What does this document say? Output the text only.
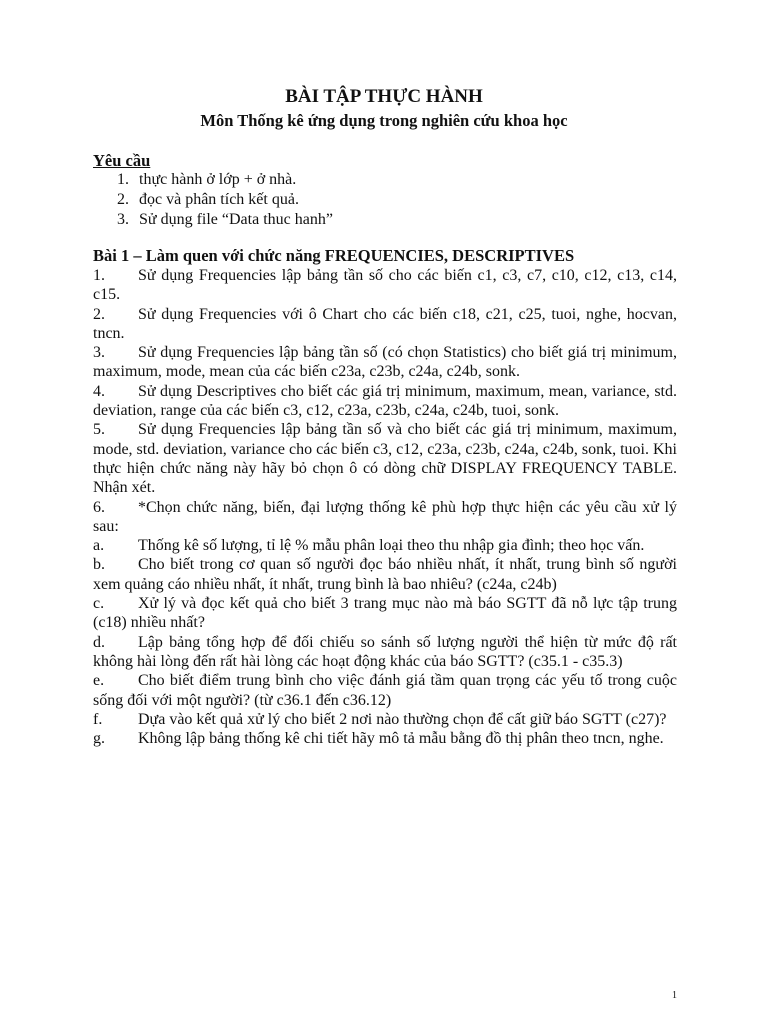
BÀI TẬP THỰC HÀNH
Môn Thống kê ứng dụng trong nghiên cứu khoa học
Yêu cầu
1. thực hành ở lớp + ở nhà.
2. đọc và phân tích kết quả.
3. Sử dụng file “Data thuc hanh”
Bài 1 – Làm quen với chức năng FREQUENCIES, DESCRIPTIVES

1. Sử dụng Frequencies lập bảng tần số cho các biến c1, c3, c7, c10, c12, c13, c14, c15.

2. Sử dụng Frequencies với ô Chart cho các biến c18, c21, c25, tuoi, nghe, hocvan, tncn.

3. Sử dụng Frequencies lập bảng tần số (có chọn Statistics) cho biết giá trị minimum, maximum, mode, mean của các biến c23a, c23b, c24a, c24b, sonk.

4. Sử dụng Descriptives cho biết các giá trị minimum, maximum, mean, variance, std. deviation, range của các biến c3, c12, c23a, c23b, c24a, c24b, tuoi, sonk.

5. Sử dụng Frequencies lập bảng tần số và cho biết các giá trị minimum, maximum, mode, std. deviation, variance cho các biến c3, c12, c23a, c23b, c24a, c24b, sonk, tuoi. Khi thực hiện chức năng này hãy bỏ chọn ô có dòng chữ DISPLAY FREQUENCY TABLE. Nhận xét.

6. *Chọn chức năng, biến, đại lượng thống kê phù hợp thực hiện các yêu cầu xử lý sau:

a. Thống kê số lượng, tỉ lệ % mẫu phân loại theo thu nhập gia đình; theo học vấn.

b. Cho biết trong cơ quan số người đọc báo nhiều nhất, ít nhất, trung bình số người xem quảng cáo nhiều nhất, ít nhất, trung bình là bao nhiêu? (c24a, c24b)

c. Xử lý và đọc kết quả cho biết 3 trang mục nào mà báo SGTT đã nỗ lực tập trung (c18) nhiều nhất?

d. Lập bảng tổng hợp để đối chiếu so sánh số lượng người thể hiện từ mức độ rất không hài lòng đến rất hài lòng các hoạt động khác của báo SGTT? (c35.1 - c35.3)

e. Cho biết điểm trung bình cho việc đánh giá tầm quan trọng các yếu tố trong cuộc sống đối với một người? (từ c36.1 đến c36.12)

f. Dựa vào kết quả xử lý cho biết 2 nơi nào thường chọn để cất giữ báo SGTT (c27)?

g. Không lập bảng thống kê chi tiết hãy mô tả mẫu bằng đồ thị phân theo tncn, nghe.

1
